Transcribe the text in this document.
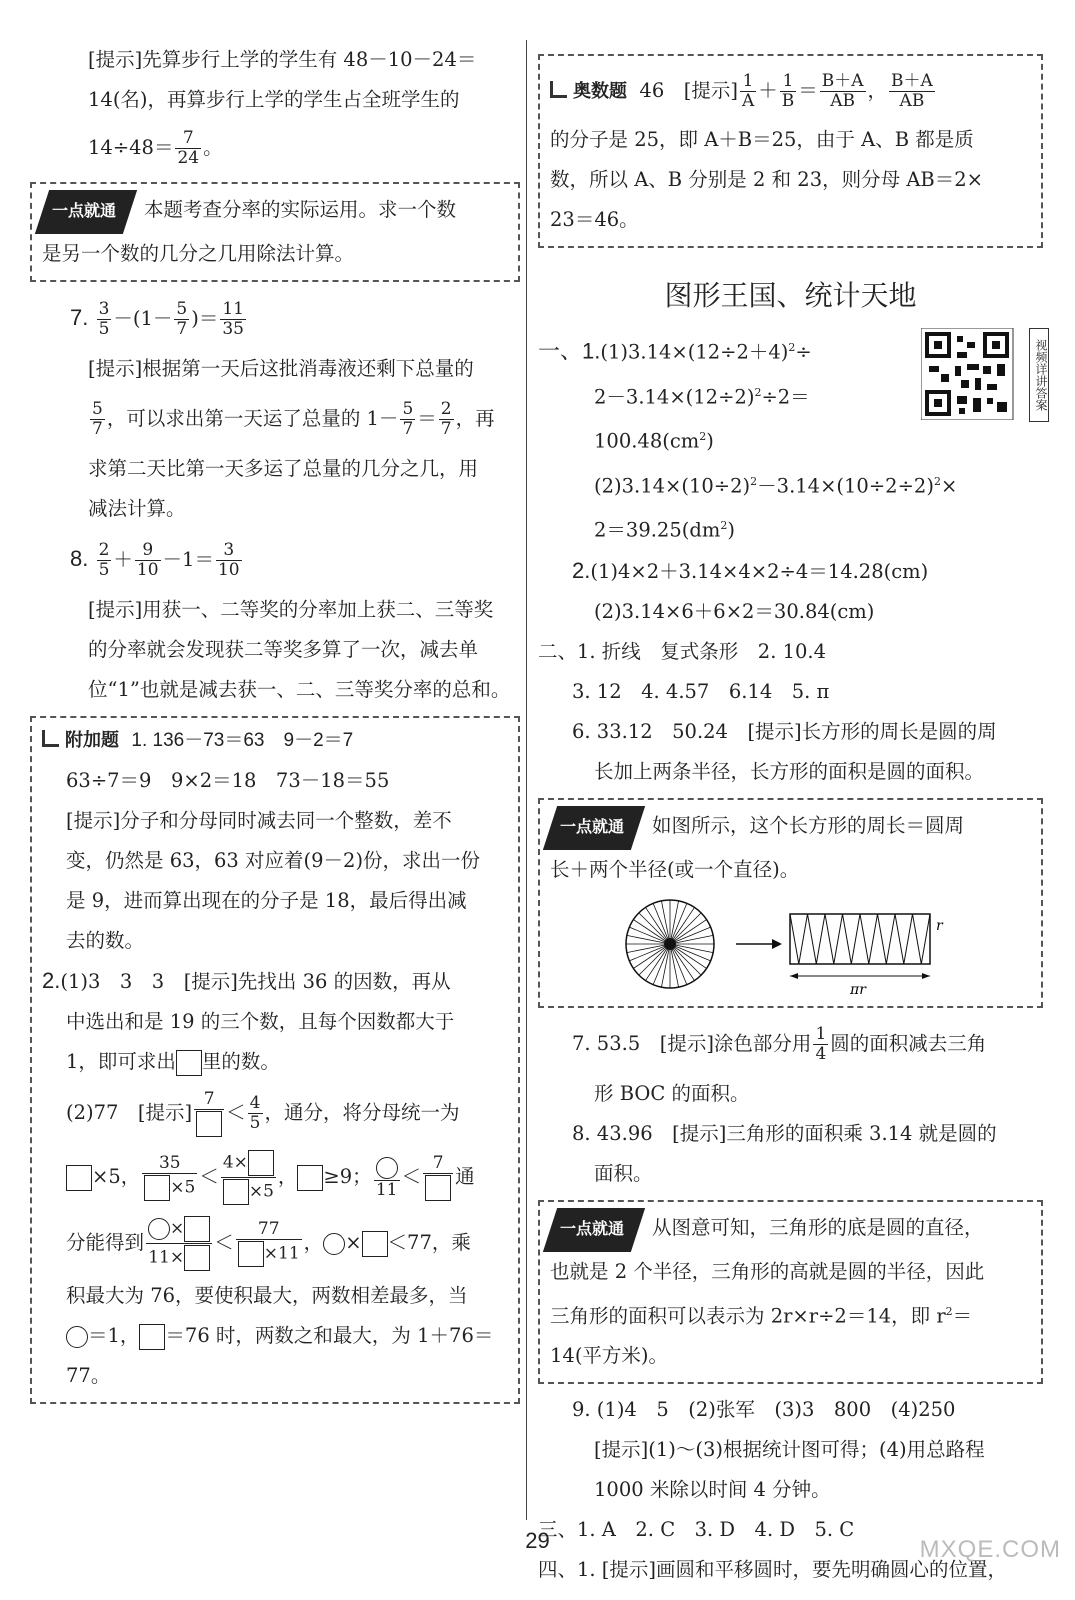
[提示]先算步行上学的学生有 48－10－24＝
14(名)，再算步行上学的学生占全班学生的
$14\div 48= \frac{7}{24}$ 。
一点就通 本题考查分率的实际运用。求一个数
是另一个数的几分之几用除法计算。
7. $\frac{3}{5} -(1- \frac{5}{7}$ )＝ $\frac{11}{35}$
[提示]根据第一天后这批消毒液还剩下总量的
$\frac{5}{7}$ ，可以求出第一天运了总量的 $1- \frac{5}{7} = \frac{2}{7}$ ，再
求第二天比第一天多运了总量的几分之几，用
减法计算。
8. $\frac{2}{5} + \frac{9}{10} -1= \frac{3}{10}$
[提示]用获一、二等奖的分率加上获二、三等奖
的分率就会发现获二等奖多算了一次，减去单
位“1”也就是减去获一、二、三等奖分率的总和。
附加题 1. 136－73＝63　9－2＝7
63÷7＝9　9×2＝18　73－18＝55
[提示]分子和分母同时减去同一个整数，差不
变，仍然是 63，63 对应着(9－2)份，求出一份
是 9，进而算出现在的分子是 18，最后得出减
去的数。
2.(1)3　3　3　[提示]先找出 36 的因数，再从
中选出和是 19 的三个数，且每个因数都大于
1，即可求出 里的数。
(2)77　[提示]
7
＜ $\frac{4}{5}$ ，通分，将分母统一为
×5， $\frac{35}{\times 5} < \frac{4\times}{\times 5}$ ， ≥9；
11
＜
7
通
分能得到 $\frac{\times}{11\times} < \frac{77}{\times 11}$ ， × ＜77，乘
积最大为 76，要使积最大，两数相差最多，当
＝1， ＝76 时，两数之和最大，为 1＋76＝
77。
奥数题 46　[提示] $\frac{1}{A} + \frac{1}{B} = \frac{B+A}{AB}$ ， $\frac{B+A}{AB}$
的分子是 25，即 A＋B＝25，由于 A、B 都是质
数，所以 A、B 分别是 2 和 23，则分母 AB＝2×
23＝46。
图形王国、统计天地
视频详讲答案
一、$1.(1)3.14\times(12\div 2+4)^2\div$
$2-3.14\times(12\div 2)^2\div 2=$
$100.48(cm^2)$
$(2)3.14\times(10\div 2)^2-3.14\times(10\div 2\div 2)^2\times$
$2=39.25(dm^2)$
2.(1)4×2＋3.14×4×2÷4＝14.28(cm)
(2)3.14×6＋6×2＝30.84(cm)
二、1. 折线　复式条形　2. 10.4
3. 12　4. 4.57　6.14　5. π
6. 33.12　50.24　[提示]长方形的周长是圆的周
长加上两条半径，长方形的面积是圆的面积。
一点就通 如图所示，这个长方形的周长＝圆周
长＋两个半径(或一个直径)。
r
πr
7. 53.5　[提示]涂色部分用 $\frac{1}{4}$ 圆的面积减去三角
形 BOC 的面积。
8. 43.96　[提示]三角形的面积乘 3.14 就是圆的
面积。
一点就通 从图意可知，三角形的底是圆的直径，
也就是 2 个半径，三角形的高就是圆的半径，因此
三角形的面积可以表示为 2r×r÷2＝14，即 $r^2=$
14(平方米)。
9. (1)4　5　(2)张军　(3)3　800　(4)250
[提示](1)～(3)根据统计图可得；(4)用总路程
1000 米除以时间 4 分钟。
三、1. A　2. C　3. D　4. D　5. C
四、1. [提示]画圆和平移圆时，要先明确圆心的位置，
29	MXQE.COM
